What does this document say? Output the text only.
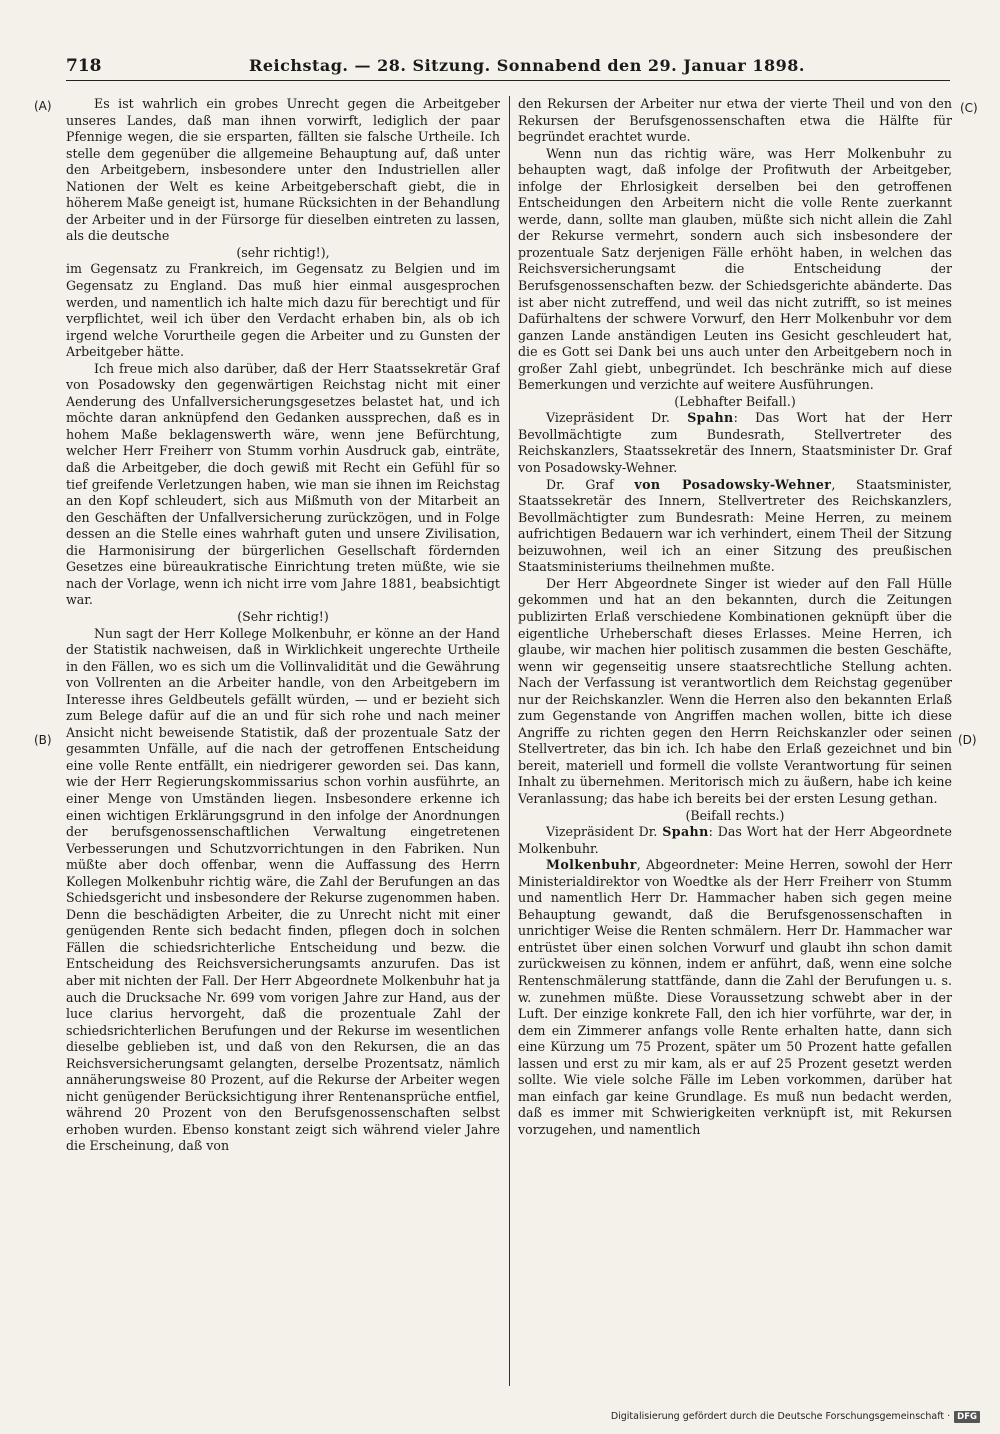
718	Reichstag. — 28. Sitzung. Sonnabend den 29. Januar 1898.
(A)
(B)
(C)
(D)

Es ist wahrlich ein grobes Unrecht gegen die Arbeitgeber unseres Landes, daß man ihnen vorwirft, lediglich der paar Pfennige wegen, die sie ersparten, fällten sie falsche Urtheile. Ich stelle dem gegenüber die allgemeine Behauptung auf, daß unter den Arbeitgebern, insbesondere unter den Industriellen aller Nationen der Welt es keine Arbeitgeberschaft giebt, die in höherem Maße geneigt ist, humane Rücksichten in der Behandlung der Arbeiter und in der Fürsorge für dieselben eintreten zu lassen, als die deutsche

(sehr richtig!),

im Gegensatz zu Frankreich, im Gegensatz zu Belgien und im Gegensatz zu England. Das muß hier einmal ausgesprochen werden, und namentlich ich halte mich dazu für berechtigt und für verpflichtet, weil ich über den Verdacht erhaben bin, als ob ich irgend welche Vorurtheile gegen die Arbeiter und zu Gunsten der Arbeitgeber hätte.

Ich freue mich also darüber, daß der Herr Staatssekretär Graf von Posadowsky den gegenwärtigen Reichstag nicht mit einer Aenderung des Unfallversicherungsgesetzes belastet hat, und ich möchte daran anknüpfend den Gedanken aussprechen, daß es in hohem Maße beklagenswerth wäre, wenn jene Befürchtung, welcher Herr Freiherr von Stumm vorhin Ausdruck gab, einträte, daß die Arbeitgeber, die doch gewiß mit Recht ein Gefühl für so tief greifende Verletzungen haben, wie man sie ihnen im Reichstag an den Kopf schleudert, sich aus Mißmuth von der Mitarbeit an den Geschäften der Unfallversicherung zurückzögen, und in Folge dessen an die Stelle eines wahrhaft guten und unsere Zivilisation, die Harmonisirung der bürgerlichen Gesellschaft fördernden Gesetzes eine büreaukratische Einrichtung treten müßte, wie sie nach der Vorlage, wenn ich nicht irre vom Jahre 1881, beabsichtigt war.

(Sehr richtig!)

Nun sagt der Herr Kollege Molkenbuhr, er könne an der Hand der Statistik nachweisen, daß in Wirklichkeit ungerechte Urtheile in den Fällen, wo es sich um die Vollinvalidität und die Gewährung von Vollrenten an die Arbeiter handle, von den Arbeitgebern im Interesse ihres Geldbeutels gefällt würden, — und er bezieht sich zum Belege dafür auf die an und für sich rohe und nach meiner Ansicht nicht beweisende Statistik, daß der prozentuale Satz der gesammten Unfälle, auf die nach der getroffenen Entscheidung eine volle Rente entfällt, ein niedrigerer geworden sei. Das kann, wie der Herr Regierungskommissarius schon vorhin ausführte, an einer Menge von Umständen liegen. Insbesondere erkenne ich einen wichtigen Erklärungsgrund in den infolge der Anordnungen der berufsgenossenschaftlichen Verwaltung eingetretenen Verbesserungen und Schutzvorrichtungen in den Fabriken. Nun müßte aber doch offenbar, wenn die Auffassung des Herrn Kollegen Molkenbuhr richtig wäre, die Zahl der Berufungen an das Schiedsgericht und insbesondere der Rekurse zugenommen haben. Denn die beschädigten Arbeiter, die zu Unrecht nicht mit einer genügenden Rente sich bedacht finden, pflegen doch in solchen Fällen die schiedsrichterliche Entscheidung und bezw. die Entscheidung des Reichsversicherungsamts anzurufen. Das ist aber mit nichten der Fall. Der Herr Abgeordnete Molkenbuhr hat ja auch die Drucksache Nr. 699 vom vorigen Jahre zur Hand, aus der luce clarius hervorgeht, daß die prozentuale Zahl der schiedsrichterlichen Berufungen und der Rekurse im wesentlichen dieselbe geblieben ist, und daß von den Rekursen, die an das Reichsversicherungsamt gelangten, derselbe Prozentsatz, nämlich annäherungsweise 80 Prozent, auf die Rekurse der Arbeiter wegen nicht genügender Berücksichtigung ihrer Rentenansprüche entfiel, während 20 Prozent von den Berufsgenossenschaften selbst erhoben wurden. Ebenso konstant zeigt sich während vieler Jahre die Erscheinung, daß von

den Rekursen der Arbeiter nur etwa der vierte Theil und von den Rekursen der Berufsgenossenschaften etwa die Hälfte für begründet erachtet wurde.

Wenn nun das richtig wäre, was Herr Molkenbuhr zu behaupten wagt, daß infolge der Profitwuth der Arbeitgeber, infolge der Ehrlosigkeit derselben bei den getroffenen Entscheidungen den Arbeitern nicht die volle Rente zuerkannt werde, dann, sollte man glauben, müßte sich nicht allein die Zahl der Rekurse vermehrt, sondern auch sich insbesondere der prozentuale Satz derjenigen Fälle erhöht haben, in welchen das Reichsversicherungsamt die Entscheidung der Berufsgenossenschaften bezw. der Schiedsgerichte abänderte. Das ist aber nicht zutreffend, und weil das nicht zutrifft, so ist meines Dafürhaltens der schwere Vorwurf, den Herr Molkenbuhr vor dem ganzen Lande anständigen Leuten ins Gesicht geschleudert hat, die es Gott sei Dank bei uns auch unter den Arbeitgebern noch in großer Zahl giebt, unbegründet. Ich beschränke mich auf diese Bemerkungen und verzichte auf weitere Ausführungen.

(Lebhafter Beifall.)

Vizepräsident Dr. Spahn: Das Wort hat der Herr Bevollmächtigte zum Bundesrath, Stellvertreter des Reichskanzlers, Staatssekretär des Innern, Staatsminister Dr. Graf von Posadowsky-Wehner.

Dr. Graf von Posadowsky-Wehner, Staatsminister, Staatssekretär des Innern, Stellvertreter des Reichskanzlers, Bevollmächtigter zum Bundesrath: Meine Herren, zu meinem aufrichtigen Bedauern war ich verhindert, einem Theil der Sitzung beizuwohnen, weil ich an einer Sitzung des preußischen Staatsministeriums theilnehmen mußte.

Der Herr Abgeordnete Singer ist wieder auf den Fall Hülle gekommen und hat an den bekannten, durch die Zeitungen publizirten Erlaß verschiedene Kombinationen geknüpft über die eigentliche Urheberschaft dieses Erlasses. Meine Herren, ich glaube, wir machen hier politisch zusammen die besten Geschäfte, wenn wir gegenseitig unsere staatsrechtliche Stellung achten. Nach der Verfassung ist verantwortlich dem Reichstag gegenüber nur der Reichskanzler. Wenn die Herren also den bekannten Erlaß zum Gegenstande von Angriffen machen wollen, bitte ich diese Angriffe zu richten gegen den Herrn Reichskanzler oder seinen Stellvertreter, das bin ich. Ich habe den Erlaß gezeichnet und bin bereit, materiell und formell die vollste Verantwortung für seinen Inhalt zu übernehmen. Meritorisch mich zu äußern, habe ich keine Veranlassung; das habe ich bereits bei der ersten Lesung gethan.

(Beifall rechts.)

Vizepräsident Dr. Spahn: Das Wort hat der Herr Abgeordnete Molkenbuhr.

Molkenbuhr, Abgeordneter: Meine Herren, sowohl der Herr Ministerialdirektor von Woedtke als der Herr Freiherr von Stumm und namentlich Herr Dr. Hammacher haben sich gegen meine Behauptung gewandt, daß die Berufsgenossenschaften in unrichtiger Weise die Renten schmälern. Herr Dr. Hammacher war entrüstet über einen solchen Vorwurf und glaubt ihn schon damit zurückweisen zu können, indem er anführt, daß, wenn eine solche Rentenschmälerung stattfände, dann die Zahl der Berufungen u. s. w. zunehmen müßte. Diese Voraussetzung schwebt aber in der Luft. Der einzige konkrete Fall, den ich hier vorführte, war der, in dem ein Zimmerer anfangs volle Rente erhalten hatte, dann sich eine Kürzung um 75 Prozent, später um 50 Prozent hatte gefallen lassen und erst zu mir kam, als er auf 25 Prozent gesetzt werden sollte. Wie viele solche Fälle im Leben vorkommen, darüber hat man einfach gar keine Grundlage. Es muß nun bedacht werden, daß es immer mit Schwierigkeiten verknüpft ist, mit Rekursen vorzugehen, und namentlich

Digitalisierung gefördert durch die Deutsche Forschungsgemeinschaft · DFG
